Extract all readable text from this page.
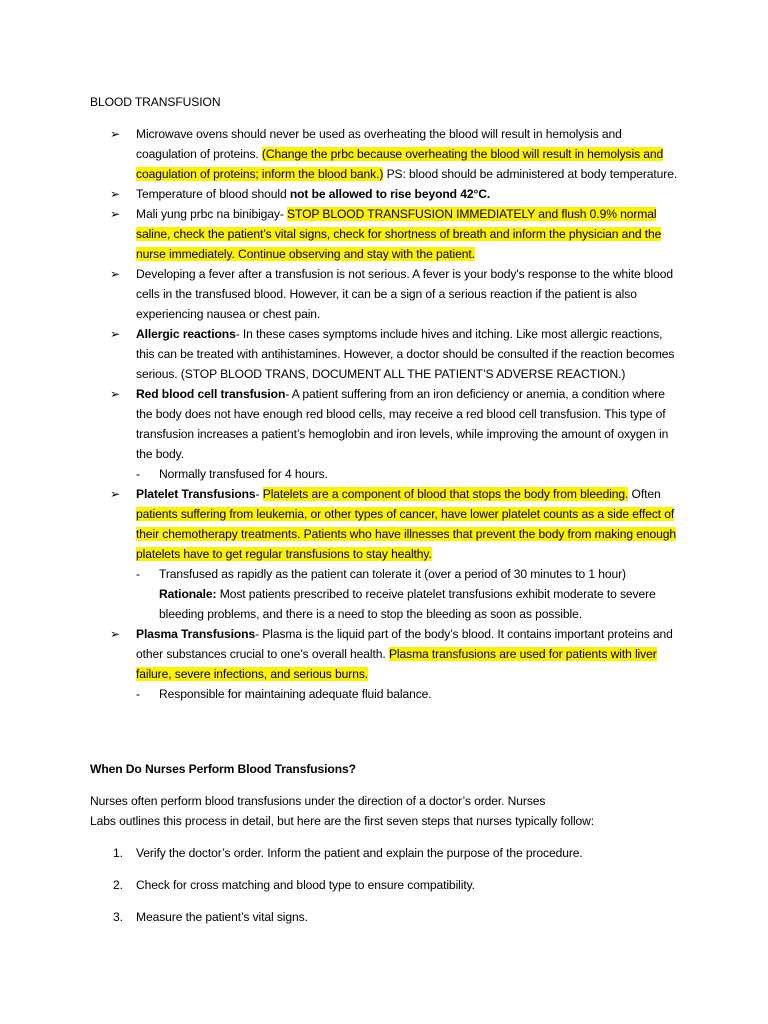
BLOOD TRANSFUSION
➢ Microwave ovens should never be used as overheating the blood will result in hemolysis and coagulation of proteins. (Change the prbc because overheating the blood will result in hemolysis and coagulation of proteins; inform the blood bank.) PS: blood should be administered at body temperature.
➢ Temperature of blood should not be allowed to rise beyond 42°C.
➢ Mali yung prbc na binibigay- STOP BLOOD TRANSFUSION IMMEDIATELY and flush 0.9% normal saline, check the patient’s vital signs, check for shortness of breath and inform the physician and the nurse immediately. Continue observing and stay with the patient.
➢ Developing a fever after a transfusion is not serious. A fever is your body's response to the white blood cells in the transfused blood. However, it can be a sign of a serious reaction if the patient is also experiencing nausea or chest pain.
➢ Allergic reactions- In these cases symptoms include hives and itching. Like most allergic reactions, this can be treated with antihistamines. However, a doctor should be consulted if the reaction becomes serious. (STOP BLOOD TRANS, DOCUMENT ALL THE PATIENT’S ADVERSE REACTION.)
➢ Red blood cell transfusion- A patient suffering from an iron deficiency or anemia, a condition where the body does not have enough red blood cells, may receive a red blood cell transfusion. This type of transfusion increases a patient’s hemoglobin and iron levels, while improving the amount of oxygen in the body.
- Normally transfused for 4 hours.
➢ Platelet Transfusions- Platelets are a component of blood that stops the body from bleeding. Often patients suffering from leukemia, or other types of cancer, have lower platelet counts as a side effect of their chemotherapy treatments. Patients who have illnesses that prevent the body from making enough platelets have to get regular transfusions to stay healthy.
- Transfused as rapidly as the patient can tolerate it (over a period of 30 minutes to 1 hour)
Rationale: Most patients prescribed to receive platelet transfusions exhibit moderate to severe bleeding problems, and there is a need to stop the bleeding as soon as possible.
➢ Plasma Transfusions- Plasma is the liquid part of the body’s blood. It contains important proteins and other substances crucial to one’s overall health. Plasma transfusions are used for patients with liver failure, severe infections, and serious burns.
- Responsible for maintaining adequate fluid balance.
When Do Nurses Perform Blood Transfusions?

Nurses often perform blood transfusions under the direction of a doctor’s order. Nurses
Labs outlines this process in detail, but here are the first seven steps that nurses typically follow:

1. Verify the doctor’s order. Inform the patient and explain the purpose of the procedure.
2. Check for cross matching and blood type to ensure compatibility.
3. Measure the patient’s vital signs.
